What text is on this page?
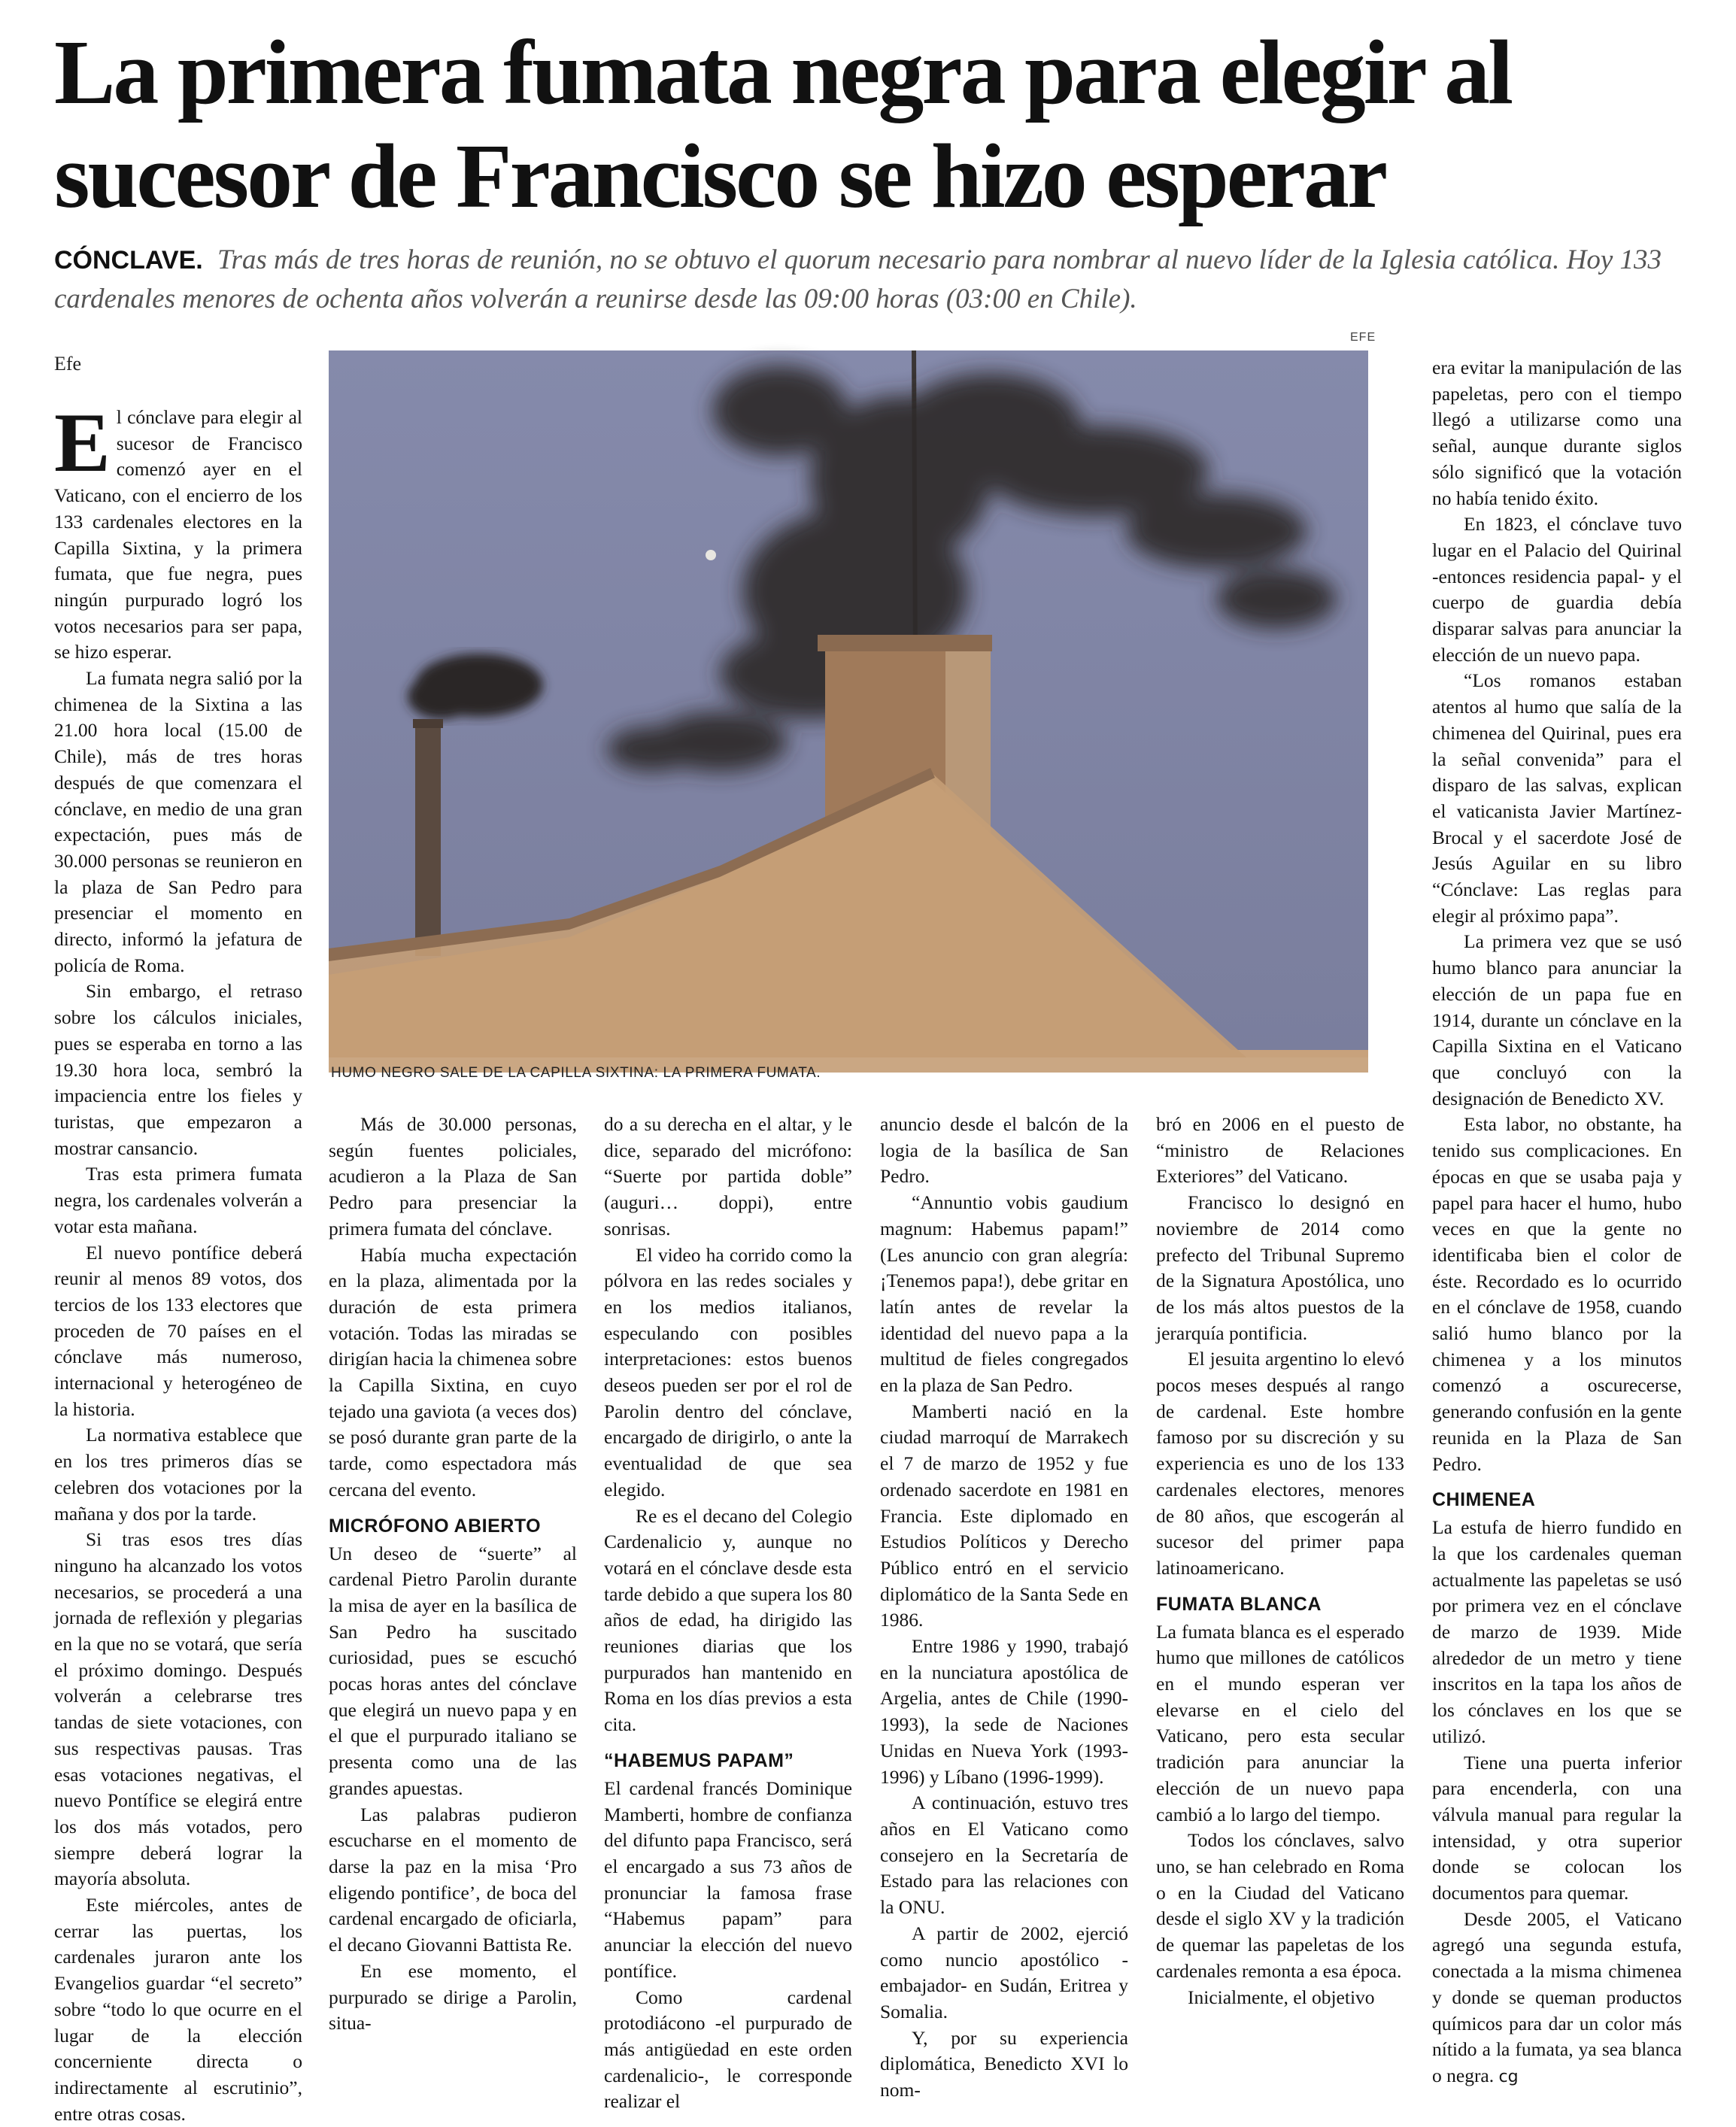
La primera fumata negra para elegir al
sucesor de Francisco se hizo esperar

CÓNCLAVE. Tras más de tres horas de reunión, no se obtuvo el quorum necesario para nombrar al nuevo líder de la Iglesia católica. Hoy 133 cardenales menores de ochenta años volverán a reunirse desde las 09:00 horas (03:00 en Chile).

Efe

El cónclave para elegir al sucesor de Francisco comenzó ayer en el Vaticano, con el encierro de los 133 cardenales electores en la Capilla Sixtina, y la primera fumata, que fue negra, pues ningún purpurado logró los votos necesarios para ser papa, se hizo esperar.

La fumata negra salió por la chimenea de la Sixtina a las 21.00 hora local (15.00 de Chile), más de tres horas después de que comenzara el cónclave, en medio de una gran expectación, pues más de 30.000 personas se reunieron en la plaza de San Pedro para presenciar el momento en directo, informó la jefatura de policía de Roma.

Sin embargo, el retraso sobre los cálculos iniciales, pues se esperaba en torno a las 19.30 hora loca, sembró la impaciencia entre los fieles y turistas, que empezaron a mostrar cansancio.

Tras esta primera fumata negra, los cardenales volverán a votar esta mañana.

El nuevo pontífice deberá reunir al menos 89 votos, dos tercios de los 133 electores que proceden de 70 países en el cónclave más numeroso, internacional y heterogéneo de la historia.

La normativa establece que en los tres primeros días se celebren dos votaciones por la mañana y dos por la tarde.

Si tras esos tres días ninguno ha alcanzado los votos necesarios, se procederá a una jornada de reflexión y plegarias en la que no se votará, que sería el próximo domingo. Después volverán a celebrarse tres tandas de siete votaciones, con sus respectivas pausas. Tras esas votaciones negativas, el nuevo Pontífice se elegirá entre los dos más votados, pero siempre deberá lograr la mayoría absoluta.

Este miércoles, antes de cerrar las puertas, los cardenales juraron ante los Evangelios guardar “el secreto” sobre “todo lo que ocurre en el lugar de la elección concerniente directa o indirectamente al escrutinio”, entre otras cosas.

EFE
HUMO NEGRO SALE DE LA CAPILLA SIXTINA: LA PRIMERA FUMATA.

Más de 30.000 personas, según fuentes policiales, acudieron a la Plaza de San Pedro para presenciar la primera fumata del cónclave.

Había mucha expectación en la plaza, alimentada por la duración de esta primera votación. Todas las miradas se dirigían hacia la chimenea sobre la Capilla Sixtina, en cuyo tejado una gaviota (a veces dos) se posó durante gran parte de la tarde, como espectadora más cercana del evento.

MICRÓFONO ABIERTO

Un deseo de “suerte” al cardenal Pietro Parolin durante la misa de ayer en la basílica de San Pedro ha suscitado curiosidad, pues se escuchó pocas horas antes del cónclave que elegirá un nuevo papa y en el que el purpurado italiano se presenta como una de las grandes apuestas.

Las palabras pudieron escucharse en el momento de darse la paz en la misa ‘Pro eligendo pontifice’, de boca del cardenal encargado de oficiarla, el decano Giovanni Battista Re.

En ese momento, el purpurado se dirige a Parolin, situa-

do a su derecha en el altar, y le dice, separado del micrófono: “Suerte por partida doble” (auguri… doppi), entre sonrisas.

El video ha corrido como la pólvora en las redes sociales y en los medios italianos, especulando con posibles interpretaciones: estos buenos deseos pueden ser por el rol de Parolin dentro del cónclave, encargado de dirigirlo, o ante la eventualidad de que sea elegido.

Re es el decano del Colegio Cardenalicio y, aunque no votará en el cónclave desde esta tarde debido a que supera los 80 años de edad, ha dirigido las reuniones diarias que los purpurados han mantenido en Roma en los días previos a esta cita.

“HABEMUS PAPAM”

El cardenal francés Dominique Mamberti, hombre de confianza del difunto papa Francisco, será el encargado a sus 73 años de pronunciar la famosa frase “Habemus papam” para anunciar la elección del nuevo pontífice.

Como cardenal protodiácono -el purpurado de más antigüedad en este orden cardenalicio-, le corresponde realizar el

anuncio desde el balcón de la logia de la basílica de San Pedro.

“Annuntio vobis gaudium magnum: Habemus papam!” (Les anuncio con gran alegría: ¡Tenemos papa!), debe gritar en latín antes de revelar la identidad del nuevo papa a la multitud de fieles congregados en la plaza de San Pedro.

Mamberti nació en la ciudad marroquí de Marrakech el 7 de marzo de 1952 y fue ordenado sacerdote en 1981 en Francia. Este diplomado en Estudios Políticos y Derecho Público entró en el servicio diplomático de la Santa Sede en 1986.

Entre 1986 y 1990, trabajó en la nunciatura apostólica de Argelia, antes de Chile (1990-1993), la sede de Naciones Unidas en Nueva York (1993-1996) y Líbano (1996-1999).

A continuación, estuvo tres años en El Vaticano como consejero en la Secretaría de Estado para las relaciones con la ONU.

A partir de 2002, ejerció como nuncio apostólico -embajador- en Sudán, Eritrea y Somalia.

Y, por su experiencia diplomática, Benedicto XVI lo nom-

bró en 2006 en el puesto de “ministro de Relaciones Exteriores” del Vaticano.

Francisco lo designó en noviembre de 2014 como prefecto del Tribunal Supremo de la Signatura Apostólica, uno de los más altos puestos de la jerarquía pontificia.

El jesuita argentino lo elevó pocos meses después al rango de cardenal. Este hombre famoso por su discreción y su experiencia es uno de los 133 cardenales electores, menores de 80 años, que escogerán al sucesor del primer papa latinoamericano.

FUMATA BLANCA

La fumata blanca es el esperado humo que millones de católicos en el mundo esperan ver elevarse en el cielo del Vaticano, pero esta secular tradición para anunciar la elección de un nuevo papa cambió a lo largo del tiempo.

Todos los cónclaves, salvo uno, se han celebrado en Roma o en la Ciudad del Vaticano desde el siglo XV y la tradición de quemar las papeletas de los cardenales remonta a esa época.

Inicialmente, el objetivo

era evitar la manipulación de las papeletas, pero con el tiempo llegó a utilizarse como una señal, aunque durante siglos sólo significó que la votación no había tenido éxito.

En 1823, el cónclave tuvo lugar en el Palacio del Quirinal -entonces residencia papal- y el cuerpo de guardia debía disparar salvas para anunciar la elección de un nuevo papa.

“Los romanos estaban atentos al humo que salía de la chimenea del Quirinal, pues era la señal convenida” para el disparo de las salvas, explican el vaticanista Javier Martínez-Brocal y el sacerdote José de Jesús Aguilar en su libro “Cónclave: Las reglas para elegir al próximo papa”.

La primera vez que se usó humo blanco para anunciar la elección de un papa fue en 1914, durante un cónclave en la Capilla Sixtina en el Vaticano que concluyó con la designación de Benedicto XV.

Esta labor, no obstante, ha tenido sus complicaciones. En épocas en que se usaba paja y papel para hacer el humo, hubo veces en que la gente no identificaba bien el color de éste. Recordado es lo ocurrido en el cónclave de 1958, cuando salió humo blanco por la chimenea y a los minutos comenzó a oscurecerse, generando confusión en la gente reunida en la Plaza de San Pedro.

CHIMENEA

La estufa de hierro fundido en la que los cardenales queman actualmente las papeletas se usó por primera vez en el cónclave de marzo de 1939. Mide alrededor de un metro y tiene inscritos en la tapa los años de los cónclaves en los que se utilizó.

Tiene una puerta inferior para encenderla, con una válvula manual para regular la intensidad, y otra superior donde se colocan los documentos para quemar.

Desde 2005, el Vaticano agregó una segunda estufa, conectada a la misma chimenea y donde se queman productos químicos para dar un color más nítido a la fumata, ya sea blanca o negra. cg
